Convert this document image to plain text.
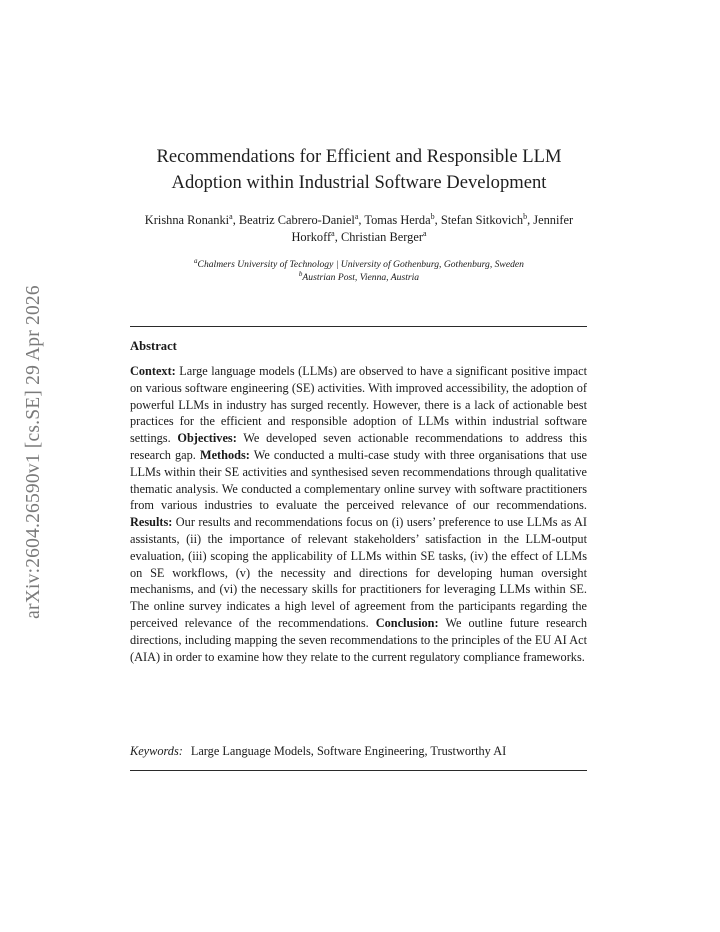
arXiv:2604.26590v1 [cs.SE] 29 Apr 2026
Recommendations for Efficient and Responsible LLM
Adoption within Industrial Software Development
Krishna Ronanki$^a$, Beatriz Cabrero-Daniel$^a$, Tomas Herda$^b$, Stefan Sitkovich$^b$, Jennifer Horkoff$^a$, Christian Berger$^a$
$^a$Chalmers University of Technology | University of Gothenburg, Gothenburg, Sweden
$^b$Austrian Post, Vienna, Austria
Abstract
Context: Large language models (LLMs) are observed to have a significant positive impact on various software engineering (SE) activities. With improved accessibility, the adoption of powerful LLMs in industry has surged recently. However, there is a lack of actionable best practices for the efficient and responsible adoption of LLMs within industrial software settings. Objectives: We developed seven actionable recommendations to address this research gap. Methods: We conducted a multi-case study with three organisations that use LLMs within their SE activities and synthesised seven recommendations through qualitative thematic analysis. We conducted a complementary online survey with software practitioners from various industries to evaluate the perceived relevance of our recommendations. Results: Our results and recommendations focus on (i) users’ preference to use LLMs as AI assistants, (ii) the importance of relevant stakeholders’ satisfaction in the LLM-output evaluation, (iii) scoping the applicability of LLMs within SE tasks, (iv) the effect of LLMs on SE workflows, (v) the necessity and directions for developing human oversight mechanisms, and (vi) the necessary skills for practitioners for leveraging LLMs within SE. The online survey indicates a high level of agreement from the participants regarding the perceived relevance of the recommendations. Conclusion: We outline future research directions, including mapping the seven recommendations to the principles of the EU AI Act (AIA) in order to examine how they relate to the current regulatory compliance frameworks.
Keywords: Large Language Models, Software Engineering, Trustworthy AI
